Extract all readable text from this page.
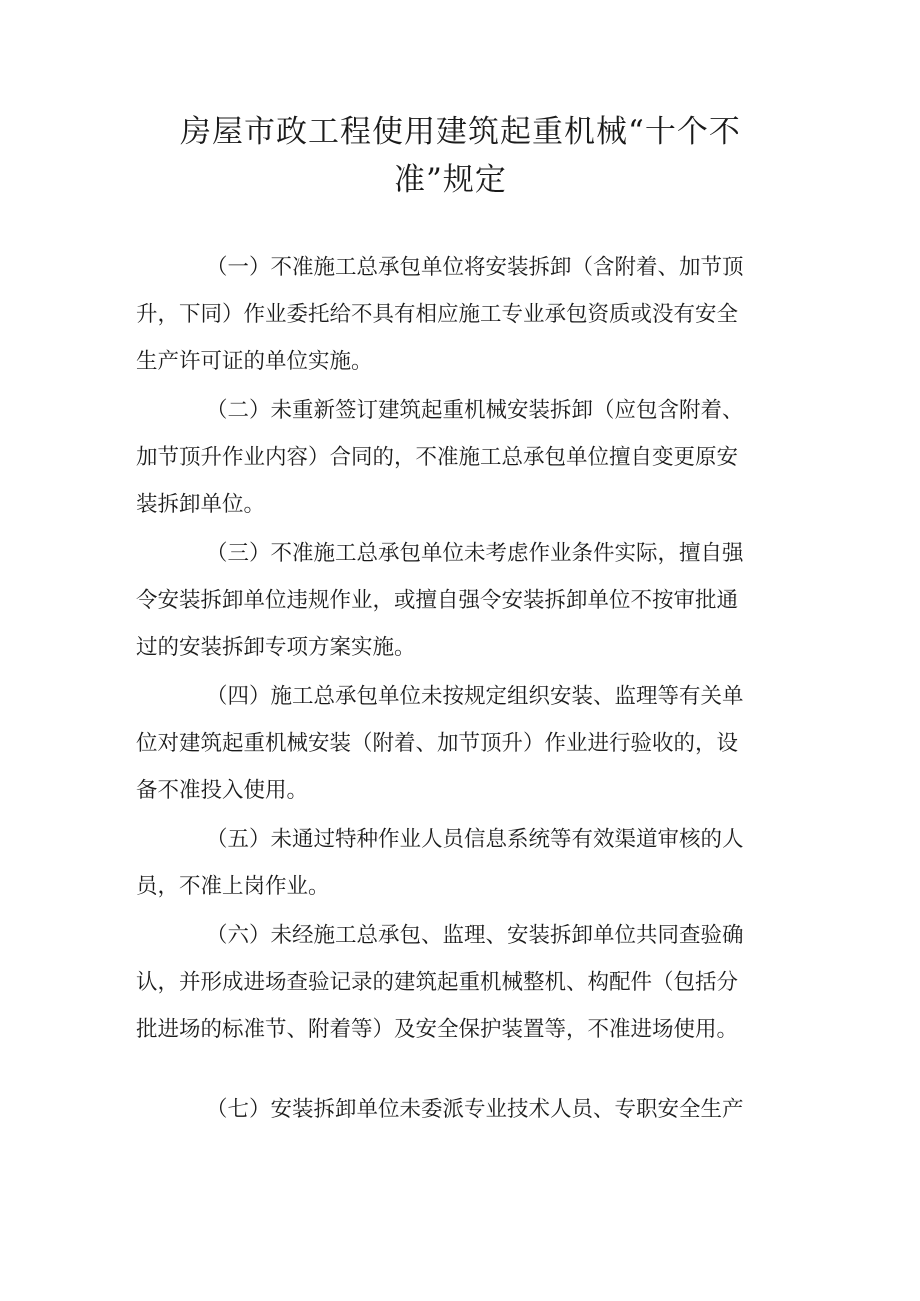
房屋市政工程使用建筑起重机械“十个不
准”规定

（一）不准施工总承包单位将安装拆卸（含附着、加节顶
升，下同）作业委托给不具有相应施工专业承包资质或没有安全
生产许可证的单位实施。

（二）未重新签订建筑起重机械安装拆卸（应包含附着、
加节顶升作业内容）合同的，不准施工总承包单位擅自变更原安
装拆卸单位。

（三）不准施工总承包单位未考虑作业条件实际，擅自强
令安装拆卸单位违规作业，或擅自强令安装拆卸单位不按审批通
过的安装拆卸专项方案实施。

（四）施工总承包单位未按规定组织安装、监理等有关单
位对建筑起重机械安装（附着、加节顶升）作业进行验收的，设
备不准投入使用。

（五）未通过特种作业人员信息系统等有效渠道审核的人
员，不准上岗作业。

（六）未经施工总承包、监理、安装拆卸单位共同查验确
认，并形成进场查验记录的建筑起重机械整机、构配件（包括分
批进场的标准节、附着等）及安全保护装置等，不准进场使用。

（七）安装拆卸单位未委派专业技术人员、专职安全生产
